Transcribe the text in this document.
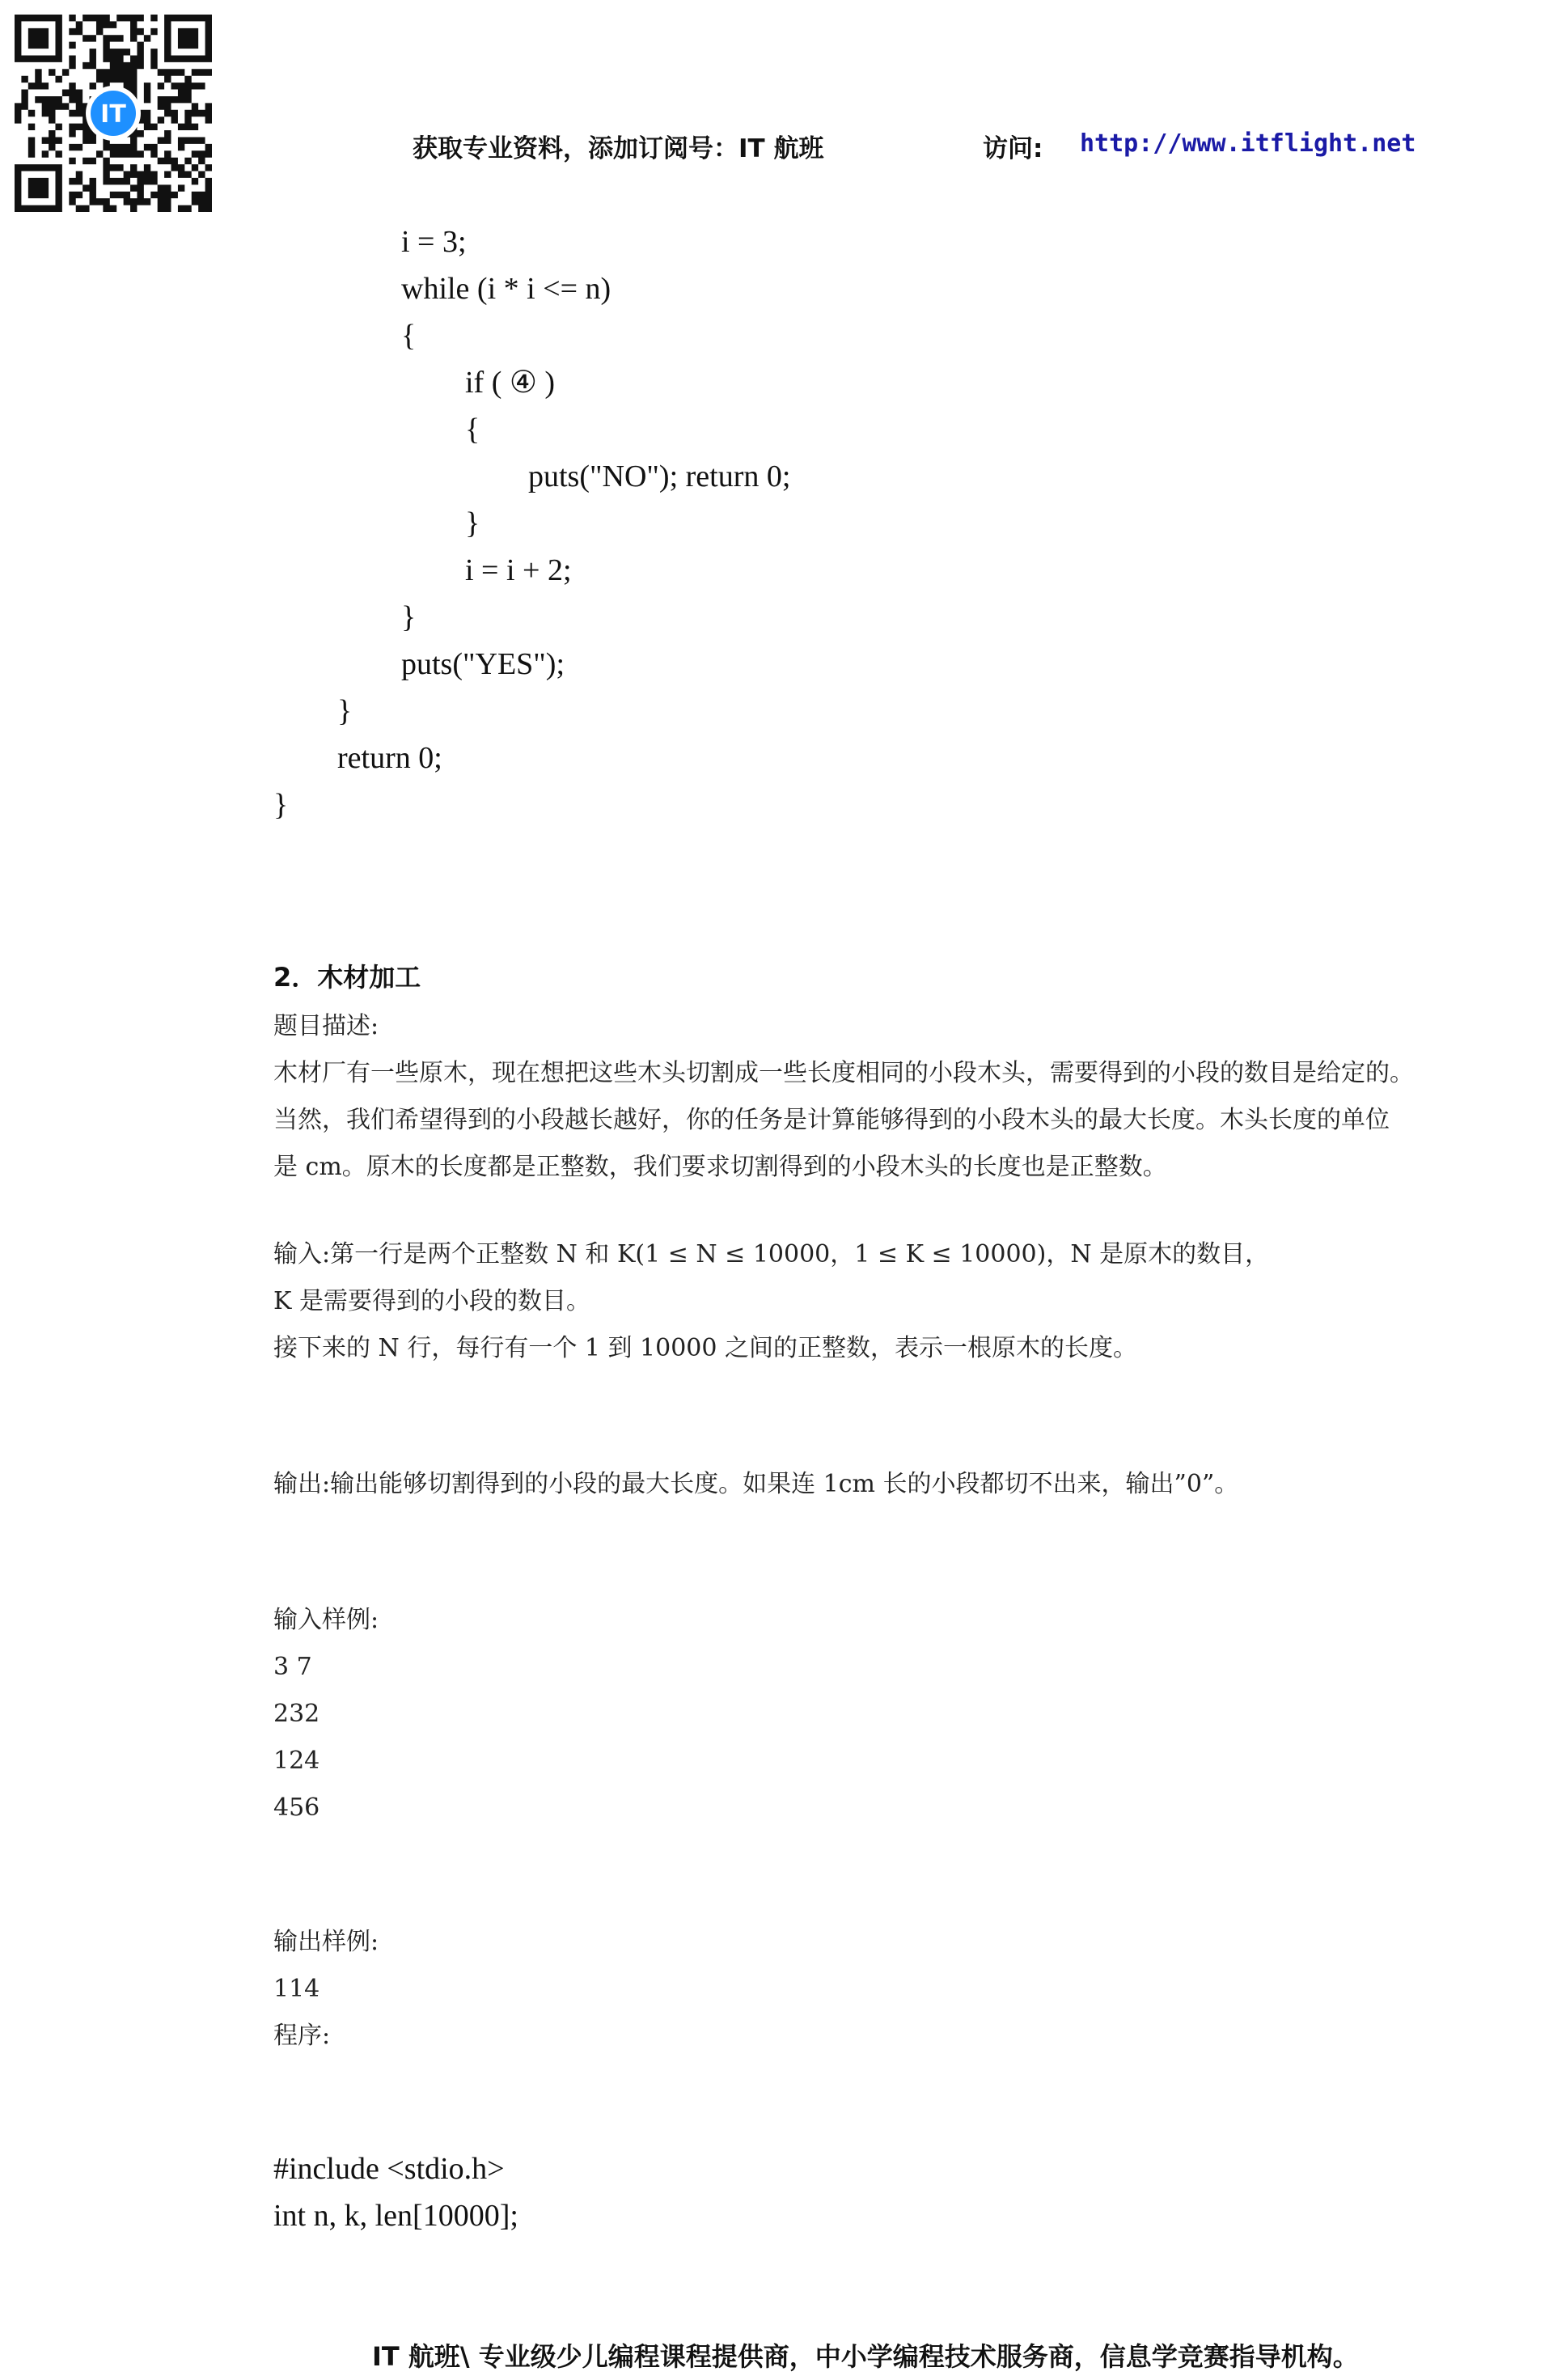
IT
获取专业资料，添加订阅号：IT 航班	访问: http://www.itflight.net
i = 3;
while (i * i <= n)
{
if ( ④ )
{
puts("NO"); return 0;
}
i = i + 2;
}
puts("YES");
}
return 0;
}
2．木材加工
题目描述:
木材厂有一些原木，现在想把这些木头切割成一些长度相同的小段木头，需要得到的小段的数目是给定的。
当然，我们希望得到的小段越长越好，你的任务是计算能够得到的小段木头的最大长度。木头长度的单位
是 cm。原木的长度都是正整数，我们要求切割得到的小段木头的长度也是正整数。
输入:第一行是两个正整数 N 和 K(1 ≤ N ≤ 10000，1 ≤ K ≤ 10000)，N 是原木的数目，
K 是需要得到的小段的数目。
接下来的 N 行，每行有一个 1 到 10000 之间的正整数，表示一根原木的长度。
输出:输出能够切割得到的小段的最大长度。如果连 1cm 长的小段都切不出来，输出”0”。
输入样例:
3 7
232
124
456
输出样例:
114
程序:
#include <stdio.h>
int n, k, len[10000];
IT 航班\ 专业级少儿编程课程提供商，中小学编程技术服务商，信息学竞赛指导机构。
